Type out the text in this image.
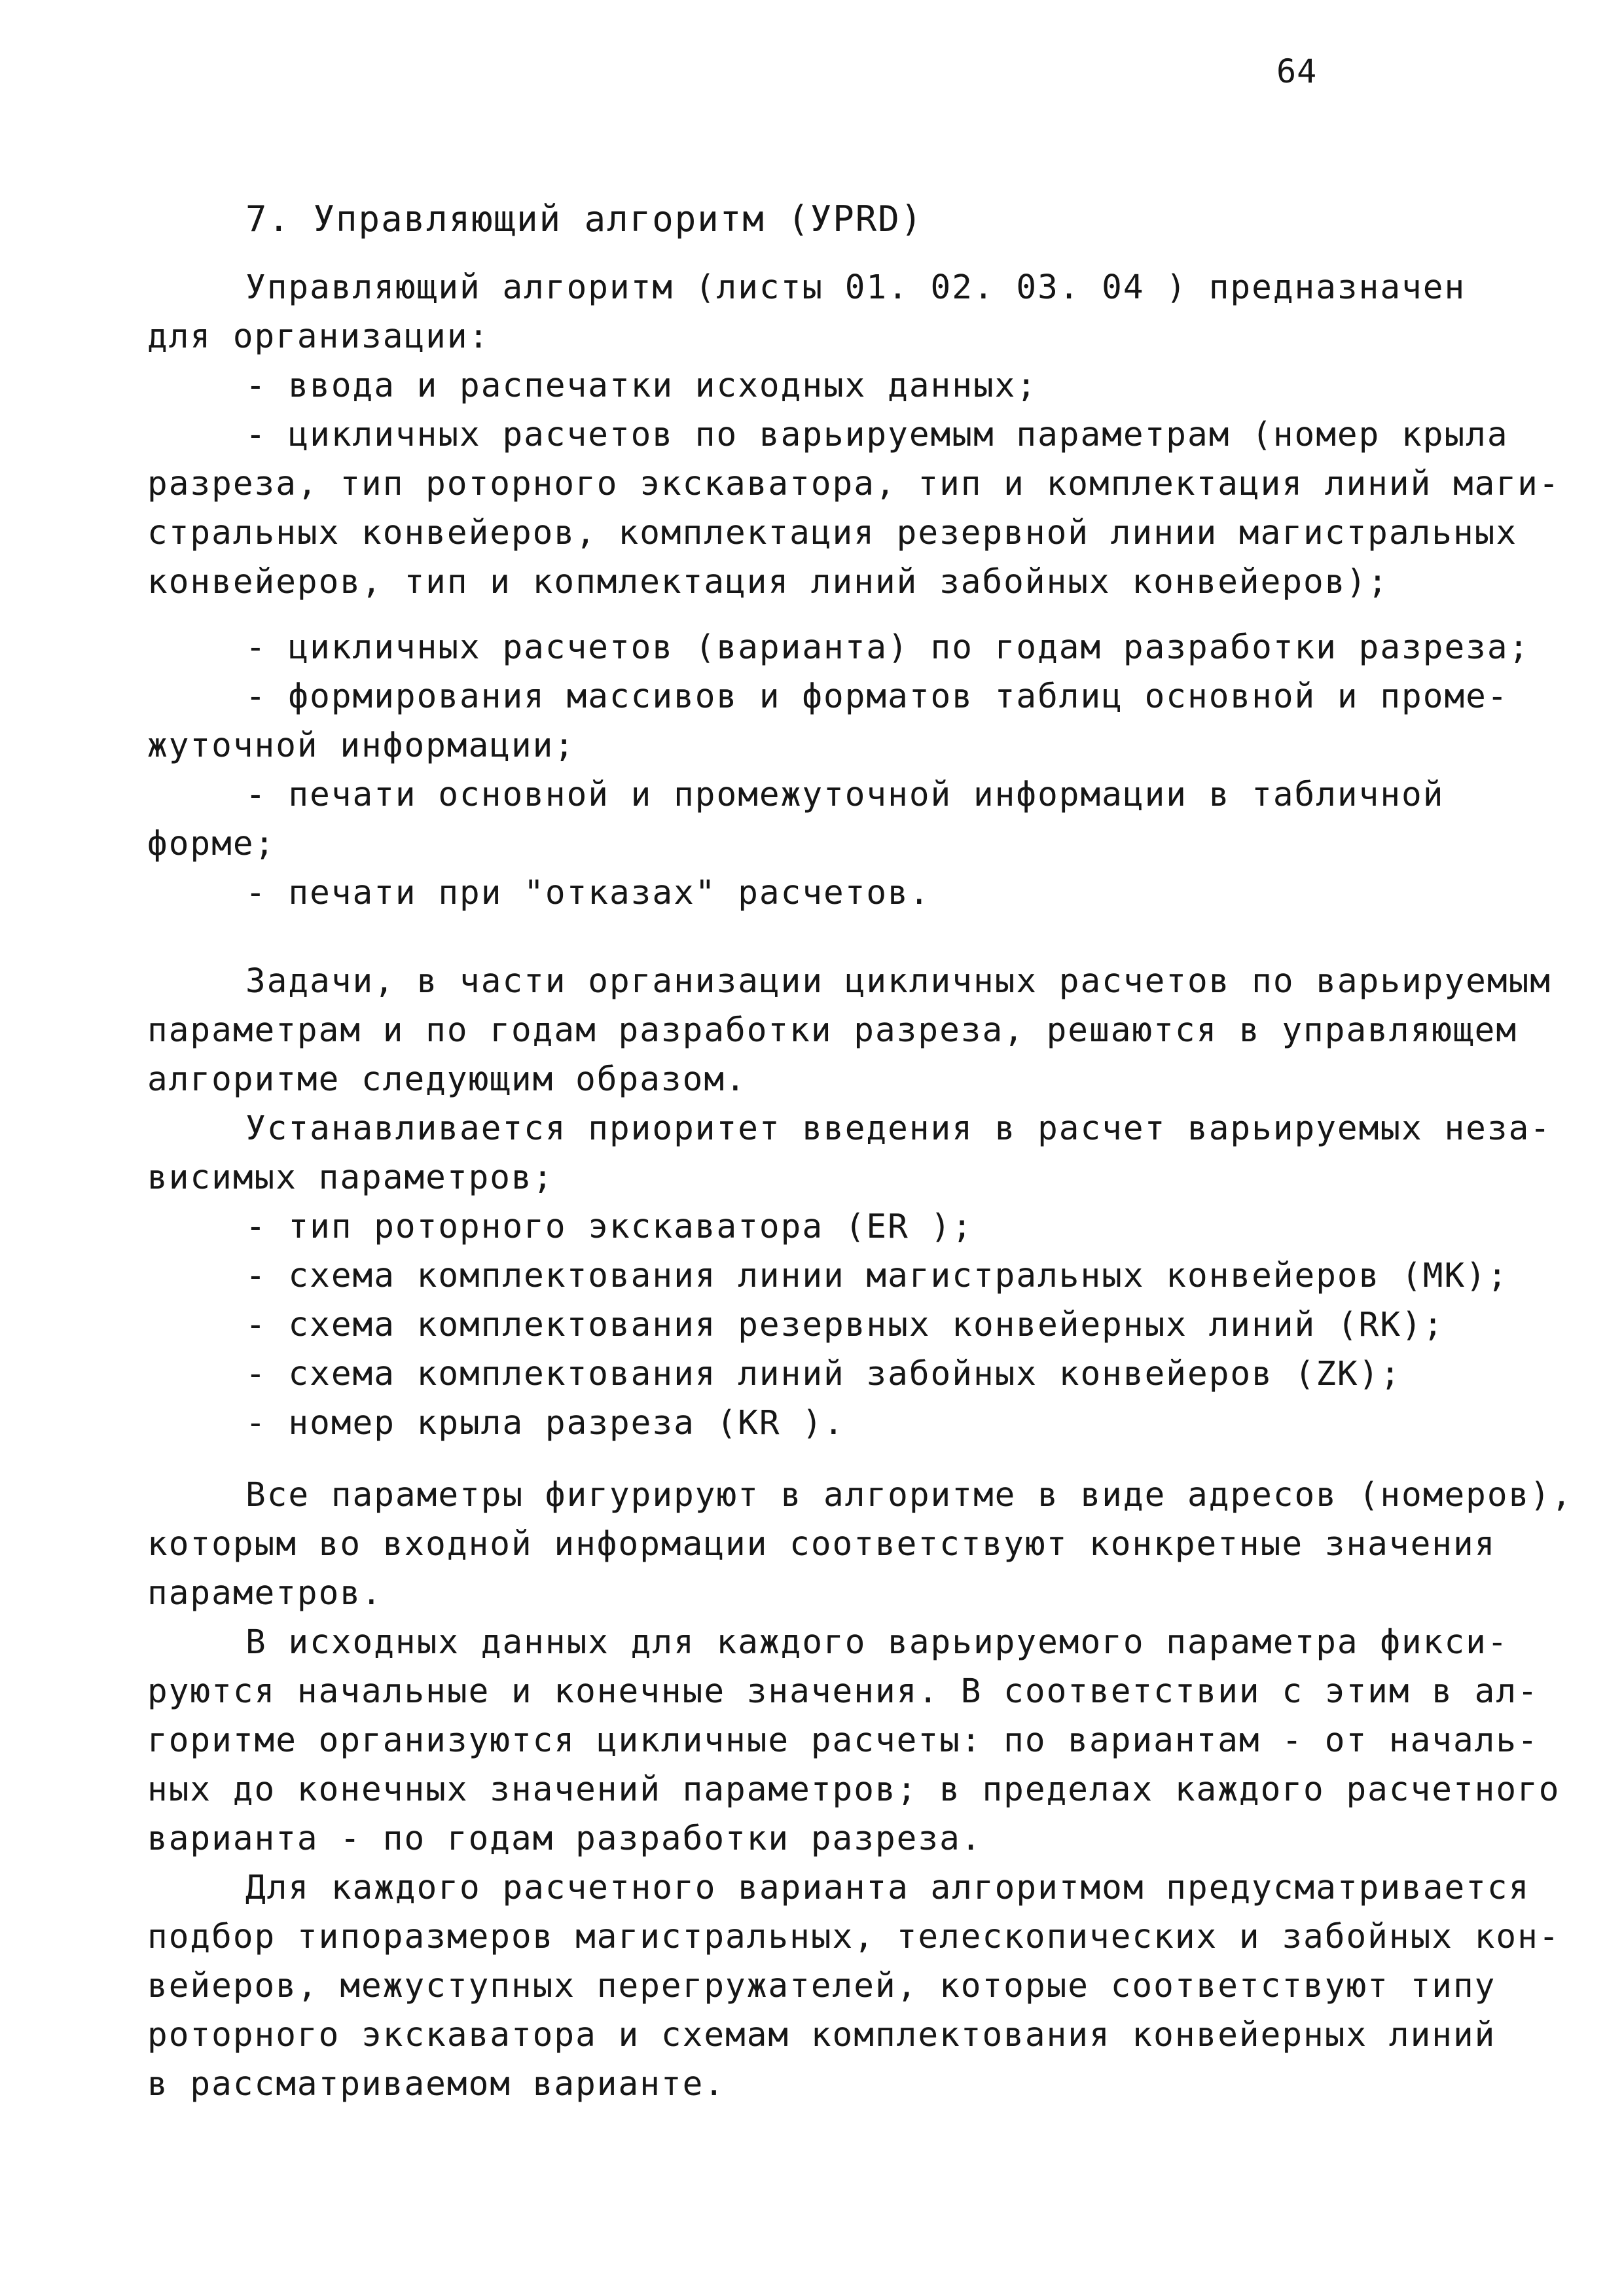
64
7. Управляющий алгоритм (УPRD)
Управляющий алгоритм (листы 01. 02. 03. 04 ) предназначен
для организации:
- ввода и распечатки исходных данных;
- цикличных расчетов по варьируемым параметрам (номер крыла
разреза, тип роторного экскаватора, тип и комплектация линий маги-
стральных конвейеров, комплектация резервной линии магистральных
конвейеров, тип и копмлектация линий забойных конвейеров);
- цикличных расчетов (варианта) по годам разработки разреза;
- формирования массивов и форматов таблиц основной и проме-
жуточной информации;
- печати основной и промежуточной информации в табличной
форме;
- печати при "отказах" расчетов.
Задачи, в части организации цикличных расчетов по варьируемым
параметрам и по годам разработки разреза, решаются в управляющем
алгоритме следующим образом.
Устанавливается приоритет введения в расчет варьируемых неза-
висимых параметров;
- тип роторного экскаватора (ER );
- схема комплектования линии магистральных конвейеров (MK);
- схема комплектования резервных конвейерных линий (RK);
- схема комплектования линий забойных конвейеров (ZK);
- номер крыла разреза (KR ).
Все параметры фигурируют в алгоритме в виде адресов (номеров),
которым во входной информации соответствуют конкретные значения
параметров.
В исходных данных для каждого варьируемого параметра фикси-
руются начальные и конечные значения. В соответствии с этим в ал-
горитме организуются цикличные расчеты: по вариантам - от началь-
ных до конечных значений параметров; в пределах каждого расчетного
варианта - по годам разработки разреза.
Для каждого расчетного варианта алгоритмом предусматривается
подбор типоразмеров магистральных, телескопических и забойных кон-
вейеров, межуступных перегружателей, которые соответствуют типу
роторного экскаватора и схемам комплектования конвейерных линий
в рассматриваемом варианте.
